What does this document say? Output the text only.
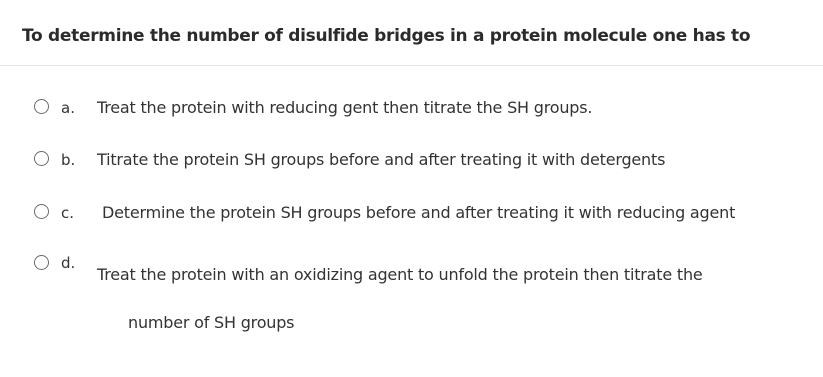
To determine the number of disulfide bridges in a protein molecule one has to
a. Treat the protein with reducing gent then titrate the SH groups.
b. Titrate the protein SH groups before and after treating it with detergents
c. Determine the protein SH groups before and after treating it with reducing agent
d.
Treat the protein with an oxidizing agent to unfold the protein then titrate the
number of SH groups
